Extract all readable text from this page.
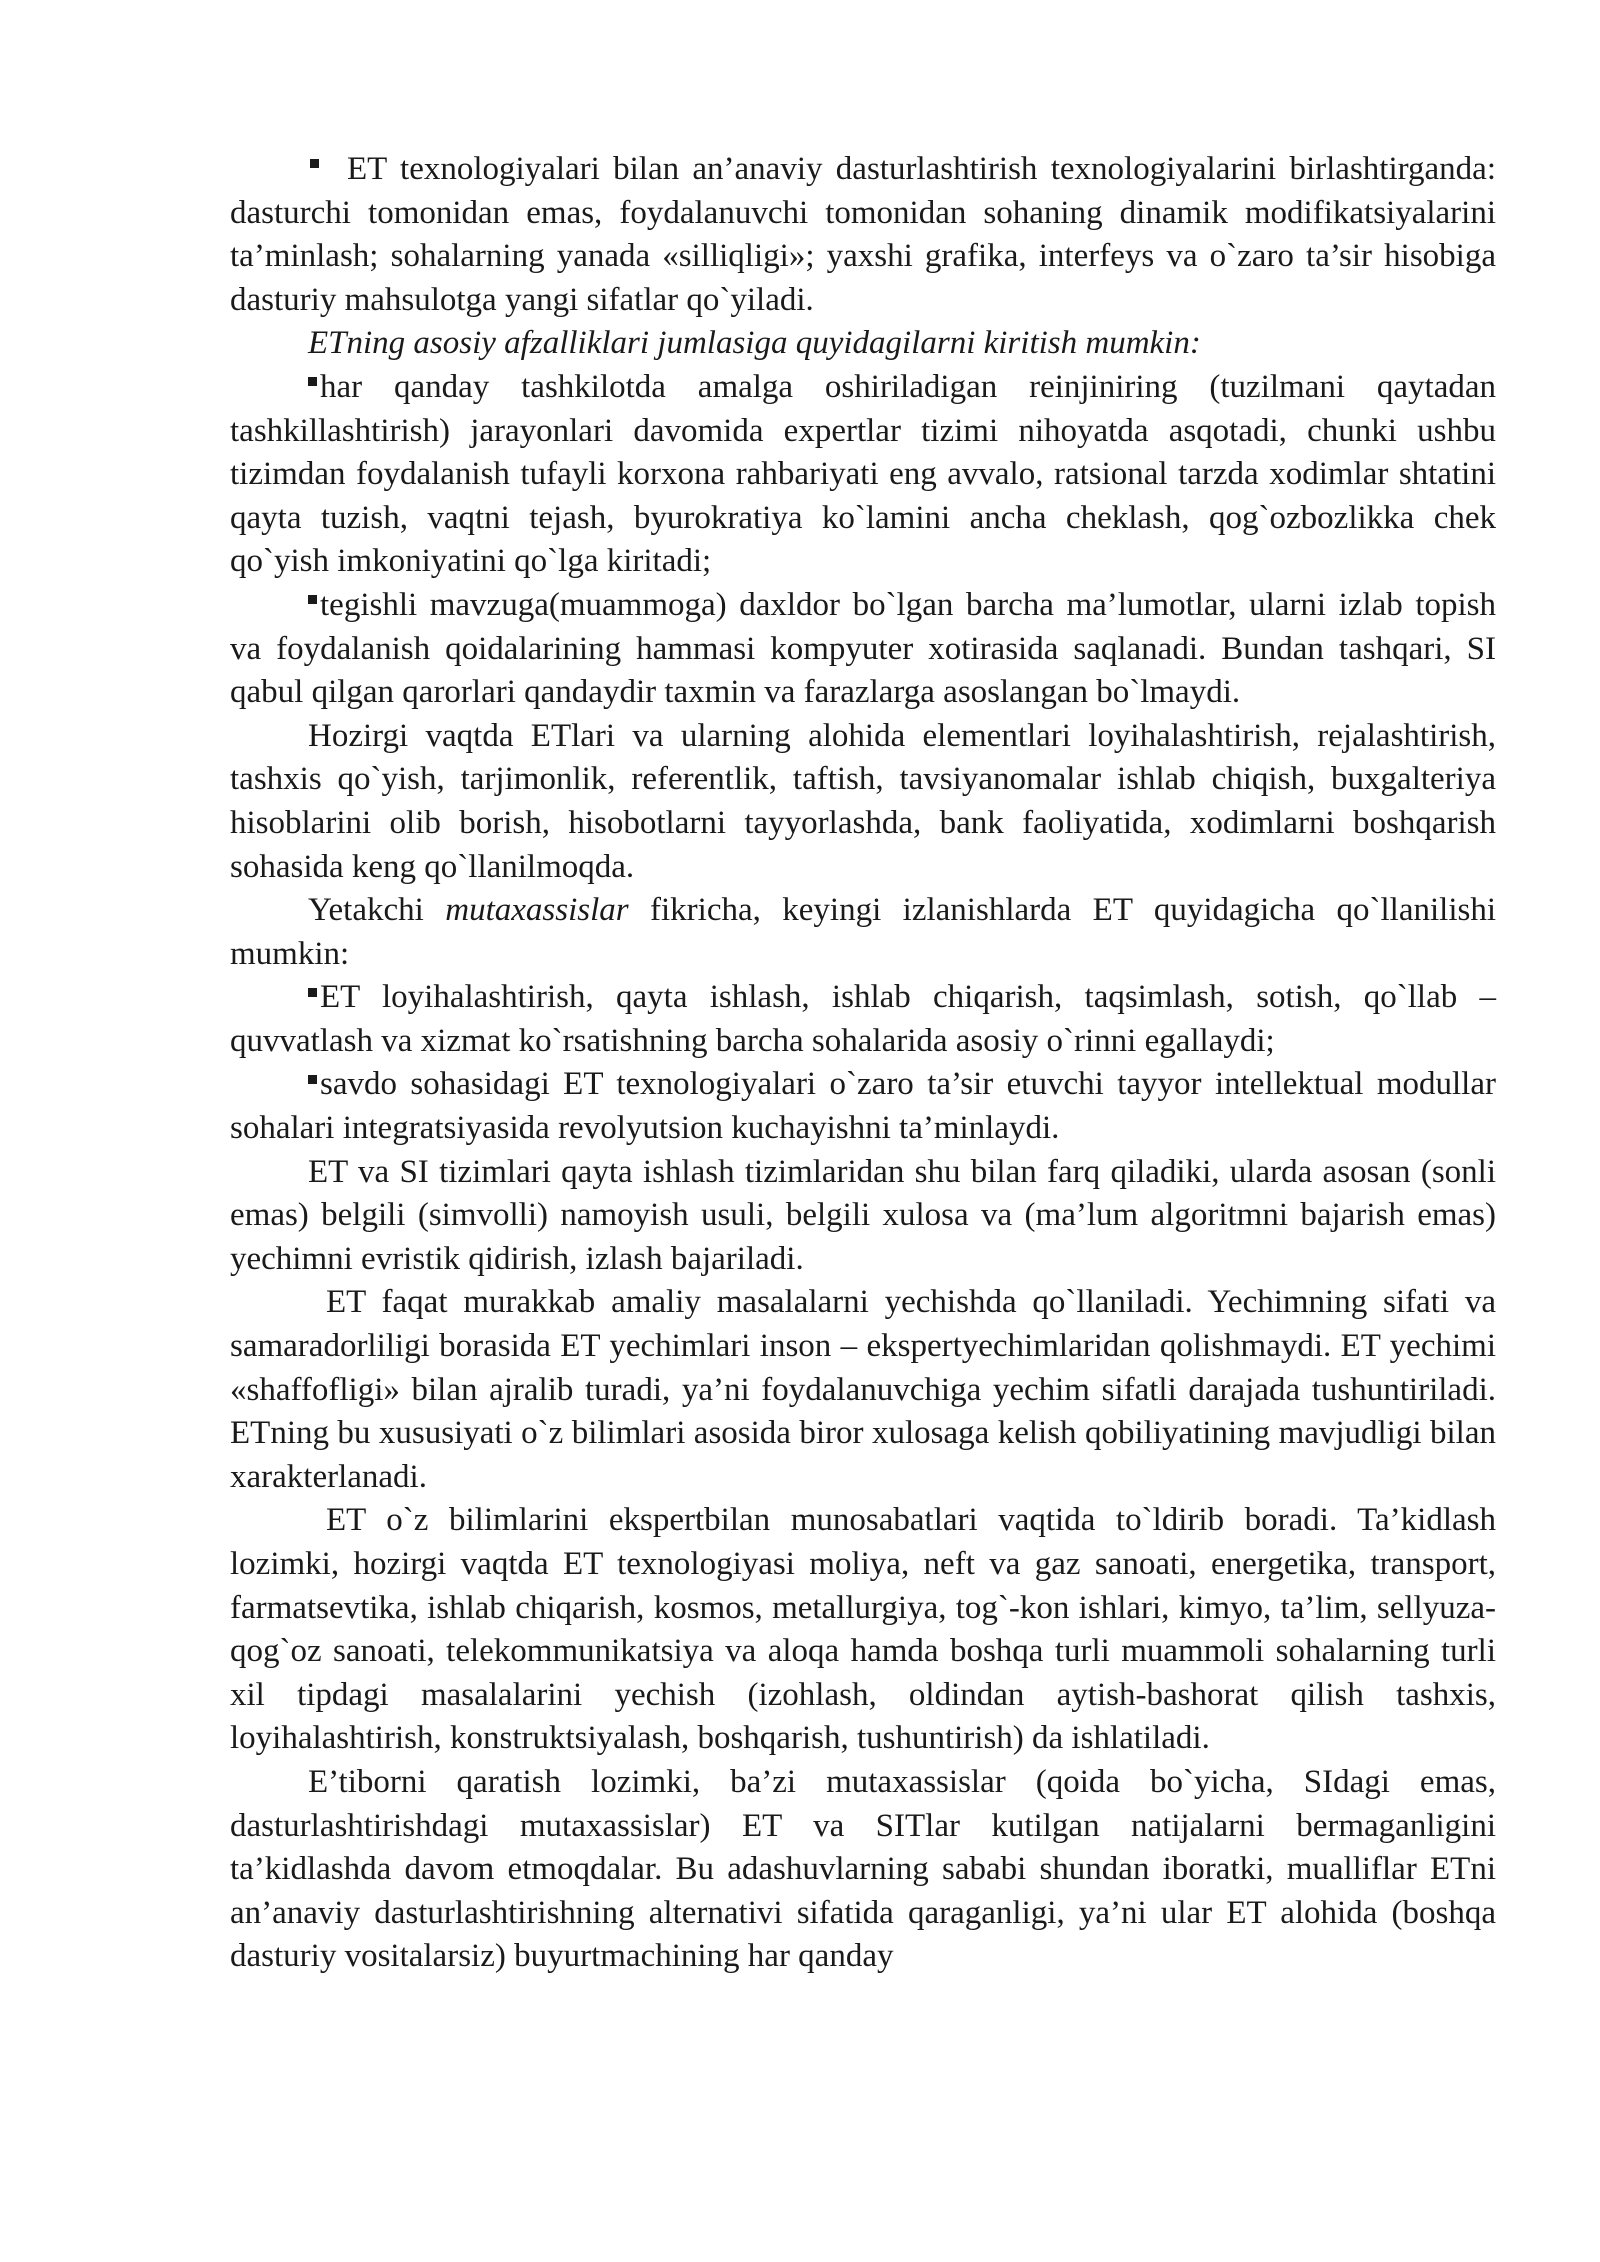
ET texnologiyalari bilan an’anaviy dasturlashtirish texnologiyalarini birlashtirganda: dasturchi tomonidan emas, foydalanuvchi tomonidan sohaning dinamik modifikatsiyalarini ta’minlash; sohalarning yanada «silliqligi»; yaxshi grafika, interfeys va o`zaro ta’sir hisobiga dasturiy mahsulotga yangi sifatlar qo`yiladi.

ETning asosiy afzalliklari jumlasiga quyidagilarni kiritish mumkin:

har qanday tashkilotda amalga oshiriladigan reinjiniring (tuzilmani qaytadan tashkillashtirish) jarayonlari davomida expertlar tizimi nihoyatda asqotadi, chunki ushbu tizimdan foydalanish tufayli korxona rahbariyati eng avvalo, ratsional tarzda xodimlar shtatini qayta tuzish, vaqtni tejash, byurokratiya ko`lamini ancha cheklash, qog`ozbozlikka chek qo`yish imkoniyatini qo`lga kiritadi;

tegishli mavzuga(muammoga) daxldor bo`lgan barcha ma’lumotlar, ularni izlab topish va foydalanish qoidalarining hammasi kompyuter xotirasida saqlanadi. Bundan tashqari, SI qabul qilgan qarorlari qandaydir taxmin va farazlarga asoslangan bo`lmaydi.

Hozirgi vaqtda ETlari va ularning alohida elementlari loyihalashtirish, rejalashtirish, tashxis qo`yish, tarjimonlik, referentlik, taftish, tavsiyanomalar ishlab chiqish, buxgalteriya hisoblarini olib borish, hisobotlarni tayyorlashda, bank faoliyatida, xodimlarni boshqarish sohasida keng qo`llanilmoqda.

Yetakchi mutaxassislar fikricha, keyingi izlanishlarda ET quyidagicha qo`llanilishi mumkin:

ET loyihalashtirish, qayta ishlash, ishlab chiqarish, taqsimlash, sotish, qo`llab – quvvatlash va xizmat ko`rsatishning barcha sohalarida asosiy o`rinni egallaydi;

savdo sohasidagi ET texnologiyalari o`zaro ta’sir etuvchi tayyor intellektual modullar sohalari integratsiyasida revolyutsion kuchayishni ta’minlaydi.

ET va SI tizimlari qayta ishlash tizimlaridan shu bilan farq qiladiki, ularda asosan (sonli emas) belgili (simvolli) namoyish usuli, belgili xulosa va (ma’lum algoritmni bajarish emas) yechimni evristik qidirish, izlash bajariladi.

ET faqat murakkab amaliy masalalarni yechishda qo`llaniladi. Yechimning sifati va samaradorliligi borasida ET yechimlari inson – ekspertyechimlaridan qolishmaydi. ET yechimi «shaffofligi» bilan ajralib turadi, ya’ni foydalanuvchiga yechim sifatli darajada tushuntiriladi. ETning bu xususiyati o`z bilimlari asosida biror xulosaga kelish qobiliyatining mavjudligi bilan xarakterlanadi.

ET o`z bilimlarini ekspertbilan munosabatlari vaqtida to`ldirib boradi. Ta’kidlash lozimki, hozirgi vaqtda ET texnologiyasi moliya, neft va gaz sanoati, energetika, transport, farmatsevtika, ishlab chiqarish, kosmos, metallurgiya, tog`-kon ishlari, kimyo, ta’lim, sellyuza-qog`oz sanoati, telekommunikatsiya va aloqa hamda boshqa turli muammoli sohalarning turli xil tipdagi masalalarini yechish (izohlash, oldindan aytish-bashorat qilish tashxis, loyihalashtirish, konstruktsiyalash, boshqarish, tushuntirish) da ishlatiladi.

E’tiborni qaratish lozimki, ba’zi mutaxassislar (qoida bo`yicha, SIdagi emas, dasturlashtirishdagi mutaxassislar) ET va SITlar kutilgan natijalarni bermaganligini ta’kidlashda davom etmoqdalar. Bu adashuvlarning sababi shundan iboratki, mualliflar ETni an’anaviy dasturlashtirishning alternativi sifatida qaraganligi, ya’ni ular ET alohida (boshqa dasturiy vositalarsiz) buyurtmachining har qanday
